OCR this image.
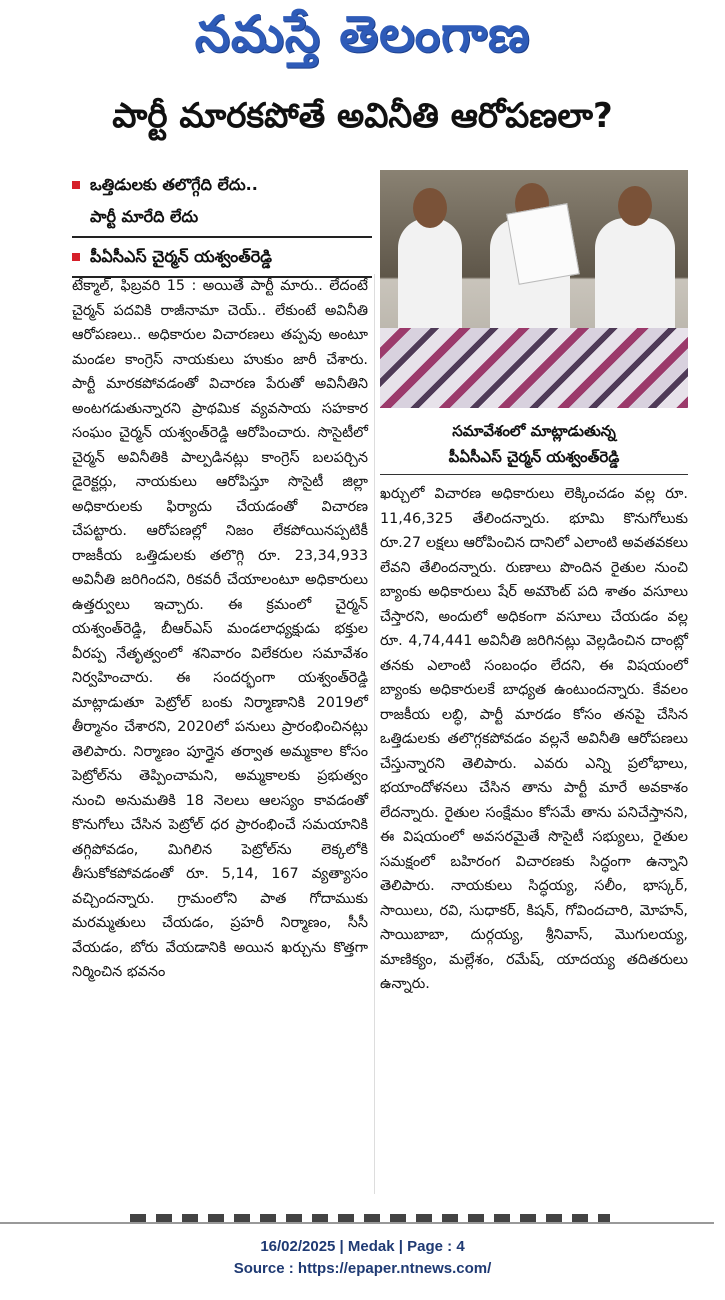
నమస్తే తెలంగాణ
పార్టీ మారకపోతే అవినీతి ఆరోపణలా?
ఒత్తిడులకు తలొగ్గేది లేదు..
పార్టీ మారేది లేదు
పీఏసీఎస్ చైర్మన్ యశ్వంత్‌రెడ్డి
సమావేశంలో మాట్లాడుతున్న
పీఏసీఎస్ చైర్మన్ యశ్వంత్‌రెడ్డి
టేక్మాల్, ఫిబ్రవరి 15 : అయితే పార్టీ మారు.. లేదంటే చైర్మన్ పదవికి రాజీనామా చెయ్.. లేకుంటే అవినీతి ఆరోపణలు.. అధికారుల విచారణలు తప్పవు అంటూ మండల కాంగ్రెస్ నాయకులు హుకుం జారీ చేశారు. పార్టీ మారకపోవడంతో విచారణ పేరుతో అవినీతిని అంటగడుతున్నారని ప్రాథమిక వ్యవసాయ సహకార సంఘం చైర్మన్ యశ్వంత్‌రెడ్డి ఆరోపించారు. సొసైటీలో చైర్మన్ అవినీతికి పాల్పడినట్లు కాంగ్రెస్ బలపర్చిన డైరెక్టర్లు, నాయకులు ఆరోపిస్తూ సొసైటీ జిల్లా అధికారులకు ఫిర్యాదు చేయడంతో విచారణ చేపట్టారు. ఆరోపణల్లో నిజం లేకపోయినప్పటికీ రాజకీయ ఒత్తిడులకు తలొగ్గి రూ. 23,34,933 అవినీతి జరిగిందని, రికవరీ చేయాలంటూ అధికారులు ఉత్తర్వులు ఇచ్చారు. ఈ క్రమంలో చైర్మన్ యశ్వంత్‌రెడ్డి, బీఆర్ఎస్ మండలాధ్యక్షుడు భక్తుల వీరప్ప నేతృత్వంలో శనివారం విలేకరుల సమావేశం నిర్వహించారు. ఈ సందర్భంగా యశ్వంత్‌రెడ్డి మాట్లాడుతూ పెట్రోల్ బంకు నిర్మాణానికి 2019లో తీర్మానం చేశారని, 2020లో పనులు ప్రారంభించినట్లు తెలిపారు. నిర్మాణం పూర్తైన తర్వాత అమ్మకాల కోసం పెట్రోల్‌ను తెప్పించామని, అమ్మకాలకు ప్రభుత్వం నుంచి అనుమతికి 18 నెలలు ఆలస్యం కావడంతో కొనుగోలు చేసిన పెట్రోల్ ధర ప్రారంభించే సమయానికి తగ్గిపోవడం, మిగిలిన పెట్రోల్‌ను లెక్కలోకి తీసుకోకపోవడంతో రూ. 5,14, 167 వ్యత్యాసం వచ్చిందన్నారు. గ్రామంలోని పాత గోదాముకు మరమ్మతులు చేయడం, ప్రహరీ నిర్మాణం, సీసీ వేయడం, బోరు వేయడానికి అయిన ఖర్చును కొత్తగా నిర్మించిన భవనం
ఖర్చులో విచారణ అధికారులు లెక్కించడం వల్ల రూ. 11,46,325 తేలిందన్నారు. భూమి కొనుగోలుకు రూ.27 లక్షలు ఆరోపించిన దానిలో ఎలాంటి అవతవకలు లేవని తేలిందన్నారు. రుణాలు పొందిన రైతుల నుంచి బ్యాంకు అధికారులు షేర్ అమౌంట్ పది శాతం వసూలు చేస్తారని, అందులో అధికంగా వసూలు చేయడం వల్ల రూ. 4,74,441 అవినీతి జరిగినట్లు వెల్లడించిన దాంట్లో తనకు ఎలాంటి సంబంధం లేదని, ఈ విషయంలో బ్యాంకు అధికారులకే బాధ్యత ఉంటుందన్నారు. కేవలం రాజకీయ లబ్ధి, పార్టీ మారడం కోసం తనపై చేసిన ఒత్తిడులకు తలొగ్గకపోవడం వల్లనే అవినీతి ఆరోపణలు చేస్తున్నారని తెలిపారు. ఎవరు ఎన్ని ప్రలోభాలు, భయాందోళనలు చేసిన తాను పార్టీ మారే అవకాశం లేదన్నారు. రైతుల సంక్షేమం కోసమే తాను పనిచేస్తానని, ఈ విషయంలో అవసరమైతే సొసైటీ సభ్యులు, రైతుల సమక్షంలో బహిరంగ విచారణకు సిద్ధంగా ఉన్నాని తెలిపారు. నాయకులు సిద్ధయ్య, సలీం, భాస్కర్, సాయిలు, రవి, సుధాకర్, కిషన్, గోవిందచారి, మోహన్, సాయిబాబా, దుర్గయ్య, శ్రీనివాస్, మొగులయ్య, మాణిక్యం, మల్లేశం, రమేష్, యాదయ్య తదితరులు ఉన్నారు.
16/02/2025 | Medak | Page : 4
Source : https://epaper.ntnews.com/
